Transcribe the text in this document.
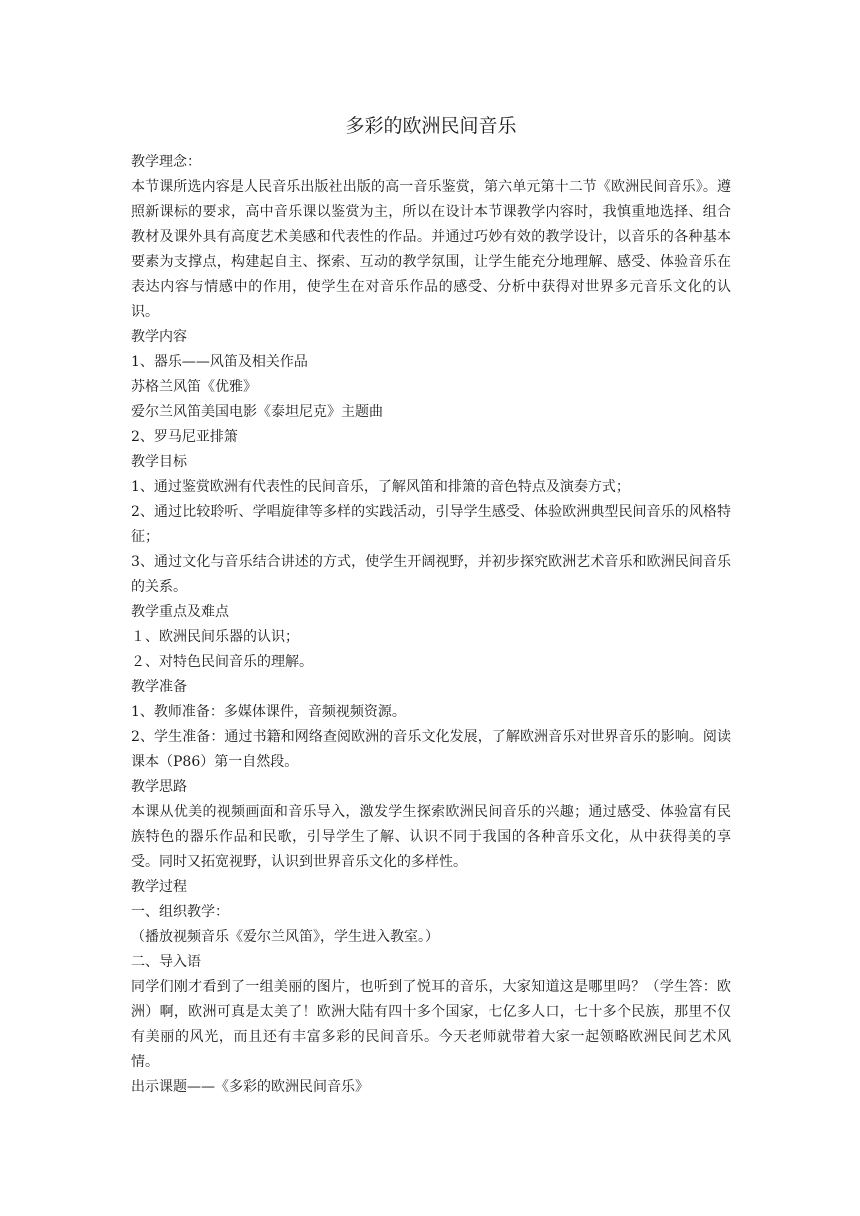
多彩的欧洲民间音乐

教学理念：

本节课所选内容是人民音乐出版社出版的高一音乐鉴赏，第六单元第十二节《欧洲民间音乐》。遵照新课标的要求，高中音乐课以鉴赏为主，所以在设计本节课教学内容时，我慎重地选择、组合教材及课外具有高度艺术美感和代表性的作品。并通过巧妙有效的教学设计，以音乐的各种基本要素为支撑点，构建起自主、探索、互动的教学氛围，让学生能充分地理解、感受、体验音乐在表达内容与情感中的作用，使学生在对音乐作品的感受、分析中获得对世界多元音乐文化的认识。

教学内容

1、器乐——风笛及相关作品

苏格兰风笛《优雅》

爱尔兰风笛美国电影《泰坦尼克》主题曲

2、罗马尼亚排箫

教学目标

1、通过鉴赏欧洲有代表性的民间音乐，了解风笛和排箫的音色特点及演奏方式；

2、通过比较聆听、学唱旋律等多样的实践活动，引导学生感受、体验欧洲典型民间音乐的风格特征；

3、通过文化与音乐结合讲述的方式，使学生开阔视野，并初步探究欧洲艺术音乐和欧洲民间音乐的关系。

教学重点及难点

１、欧洲民间乐器的认识；

２、对特色民间音乐的理解。

教学准备

1、教师准备：多媒体课件，音频视频资源。

2、学生准备：通过书籍和网络查阅欧洲的音乐文化发展，了解欧洲音乐对世界音乐的影响。阅读课本（P86）第一自然段。

教学思路

本课从优美的视频画面和音乐导入，激发学生探索欧洲民间音乐的兴趣；通过感受、体验富有民族特色的器乐作品和民歌，引导学生了解、认识不同于我国的各种音乐文化，从中获得美的享受。同时又拓宽视野，认识到世界音乐文化的多样性。

教学过程

一、组织教学：

（播放视频音乐《爱尔兰风笛》，学生进入教室。）

二、导入语

同学们刚才看到了一组美丽的图片，也听到了悦耳的音乐，大家知道这是哪里吗？（学生答：欧洲）啊，欧洲可真是太美了！欧洲大陆有四十多个国家，七亿多人口，七十多个民族，那里不仅有美丽的风光，而且还有丰富多彩的民间音乐。今天老师就带着大家一起领略欧洲民间艺术风情。

出示课题——《多彩的欧洲民间音乐》
